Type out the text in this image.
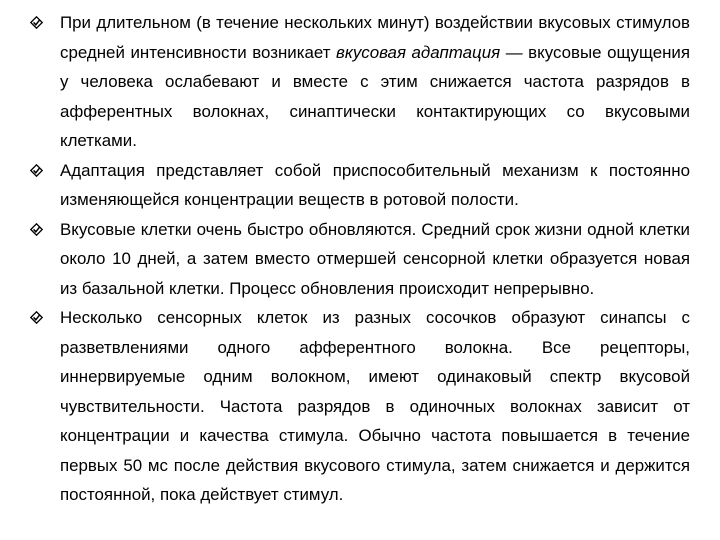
При длительном (в течение нескольких минут) воздействии вкусовых стимулов средней интенсивности возникает вкусовая адаптация — вкусовые ощущения у человека ослабевают и вместе с этим снижается частота разрядов в афферентных волокнах, синаптически контактирующих со вкусовыми клетками.
Адаптация представляет собой приспособительный механизм к постоянно изменяющейся концентрации веществ в ротовой полости.
Вкусовые клетки очень быстро обновляются. Средний срок жизни одной клетки около 10 дней, а затем вместо отмершей сенсорной клетки образуется новая из базальной клетки. Процесс обновления происходит непрерывно.
Несколько сенсорных клеток из разных сосочков образуют синапсы с разветвлениями одного афферентного волокна. Все рецепторы, иннервируемые одним волокном, имеют одинаковый спектр вкусовой чувствительности. Частота разрядов в одиночных волокнах зависит от концентрации и качества стимула. Обычно частота повышается в течение первых 50 мс после действия вкусового стимула, затем снижается и держится постоянной, пока действует стимул.
